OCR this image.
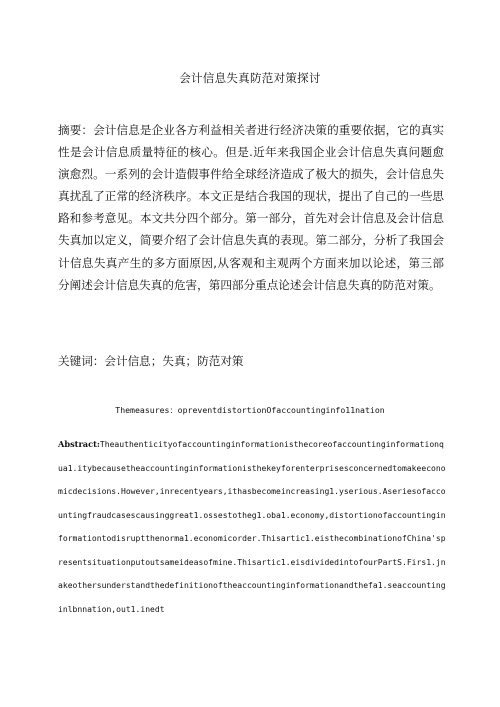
会计信息失真防范对策探讨

摘要：会计信息是企业各方利益相关者进行经济决策的重要依据，它的真实性是会计信息质量特征的核心。但是.近年来我国企业会计信息失真问题愈演愈烈。一系列的会计造假事件给全球经济造成了极大的损失，会计信息失真扰乱了正常的经济秩序。本文正是结合我国的现状，提出了自己的一些思路和参考意见。本文共分四个部分。第一部分，首先对会计信息及会计信息失真加以定义，简要介绍了会计信息失真的表现。第二部分，分析了我国会计信息失真产生的多方面原因,从客观和主观两个方面来加以论述，第三部分阐述会计信息失真的危害，第四部分重点论述会计信息失真的防范对策。

关键词：会计信息；失真；防范对策
Themeasures：opreventdistortionOfaccountinginfo11nation

Abstract:Theauthenticityofaccountinginformationisthecoreofaccountinginformationqua1.itybecausetheaccountinginformationisthekeyforenterprisesconcernedtomakeeconomicdecisions.However,inrecentyears,ithasbecomeincreasing1.yserious.Aseriesofaccountingfraudcasescausinggreat1.ossestotheg1.oba1.economy,distortionofaccountinginformationtodisruptthenorma1.economicorder.Thisartic1.eisthecombinationofChina'spresentsituationputoutsameideasofmine.Thisartic1.eisdividedintofourPartS.Firs1.jnakeothersunderstandthedefinitionoftheaccountinginformationandthefa1.seaccountinginlbnnation,out1.inedt
